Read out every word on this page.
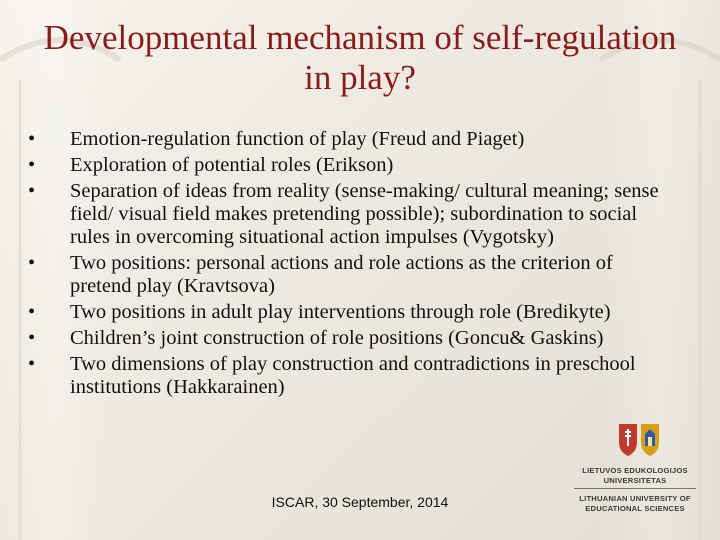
Developmental mechanism of self-regulation in play?
• Emotion-regulation function of play (Freud and Piaget)
• Exploration of potential roles (Erikson)
• Separation of ideas from reality (sense-making/ cultural meaning; sense field/ visual field makes pretending possible); subordination to social rules in overcoming situational action impulses (Vygotsky)
• Two positions: personal actions and role actions as the criterion of pretend play (Kravtsova)
• Two positions in adult play interventions through role (Bredikyte)
• Children’s joint construction of role positions (Goncu& Gaskins)
• Two dimensions of play construction and contradictions in preschool institutions (Hakkarainen)
ISCAR, 30 September, 2014
LIETUVOS EDUKOLOGIJOS
UNIVERSITETAS
LITHUANIAN UNIVERSITY OF
EDUCATIONAL SCIENCES
